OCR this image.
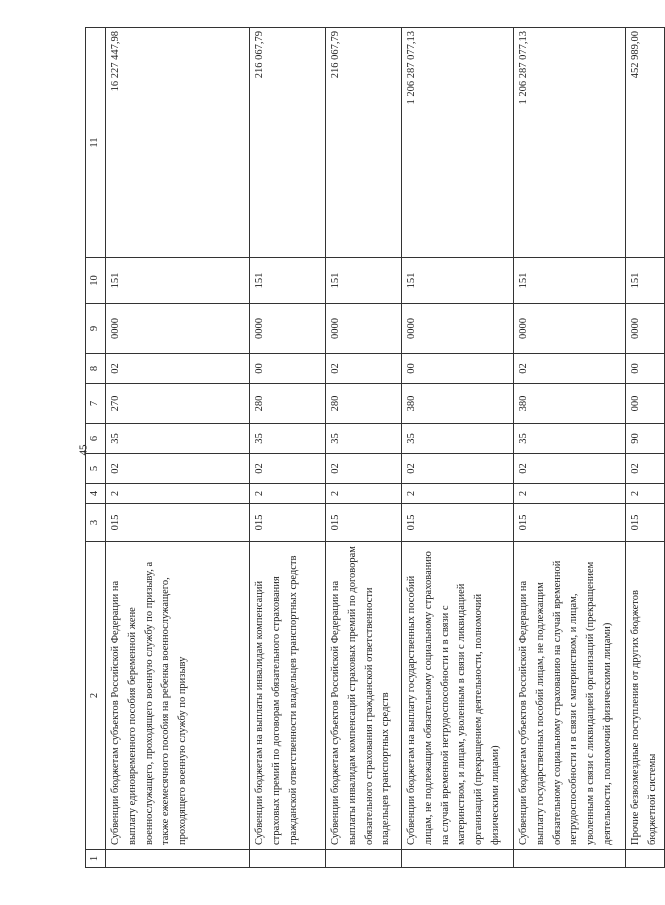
45
1	2	3	4	5	6	7	8	9	10	11
	Субвенции бюджетам субъектов Российской Федерации на выплату единовременного пособия беременной жене военнослужащего, проходящего военную службу по призыву, а также ежемесячного пособия на ребенка военнослужащего, проходящего военную службу по призыву	015	2	02	35	270	02	0000	151	16 227 447,98
	Субвенции бюджетам на выплаты инвалидам компенсаций страховых премий по договорам обязательного страхования гражданской ответственности владельцев транспортных средств	015	2	02	35	280	00	0000	151	216 067,79
	Субвенции бюджетам субъектов Российской Федерации на выплаты инвалидам компенсаций страховых премий по договорам обязательного страхования гражданской ответственности владельцев транспортных средств	015	2	02	35	280	02	0000	151	216 067,79
	Субвенции бюджетам на выплату государственных пособий лицам, не подлежащим обязательному социальному страхованию на случай временной нетрудоспособности и в связи с материнством, и лицам, уволенным в связи с ликвидацией организаций (прекращением деятельности, полномочий физическими лицами)	015	2	02	35	380	00	0000	151	1 206 287 077,13
	Субвенции бюджетам субъектов Российской Федерации на выплату государственных пособий лицам, не подлежащим обязательному социальному страхованию на случай временной нетрудоспособности и в связи с материнством, и лицам, уволенным в связи с ликвидацией организаций (прекращением деятельности, полномочий физическими лицами)	015	2	02	35	380	02	0000	151	1 206 287 077,13
	Прочие безвозмездные поступления от других бюджетов бюджетной системы	015	2	02	90	000	00	0000	151	452 989,00
